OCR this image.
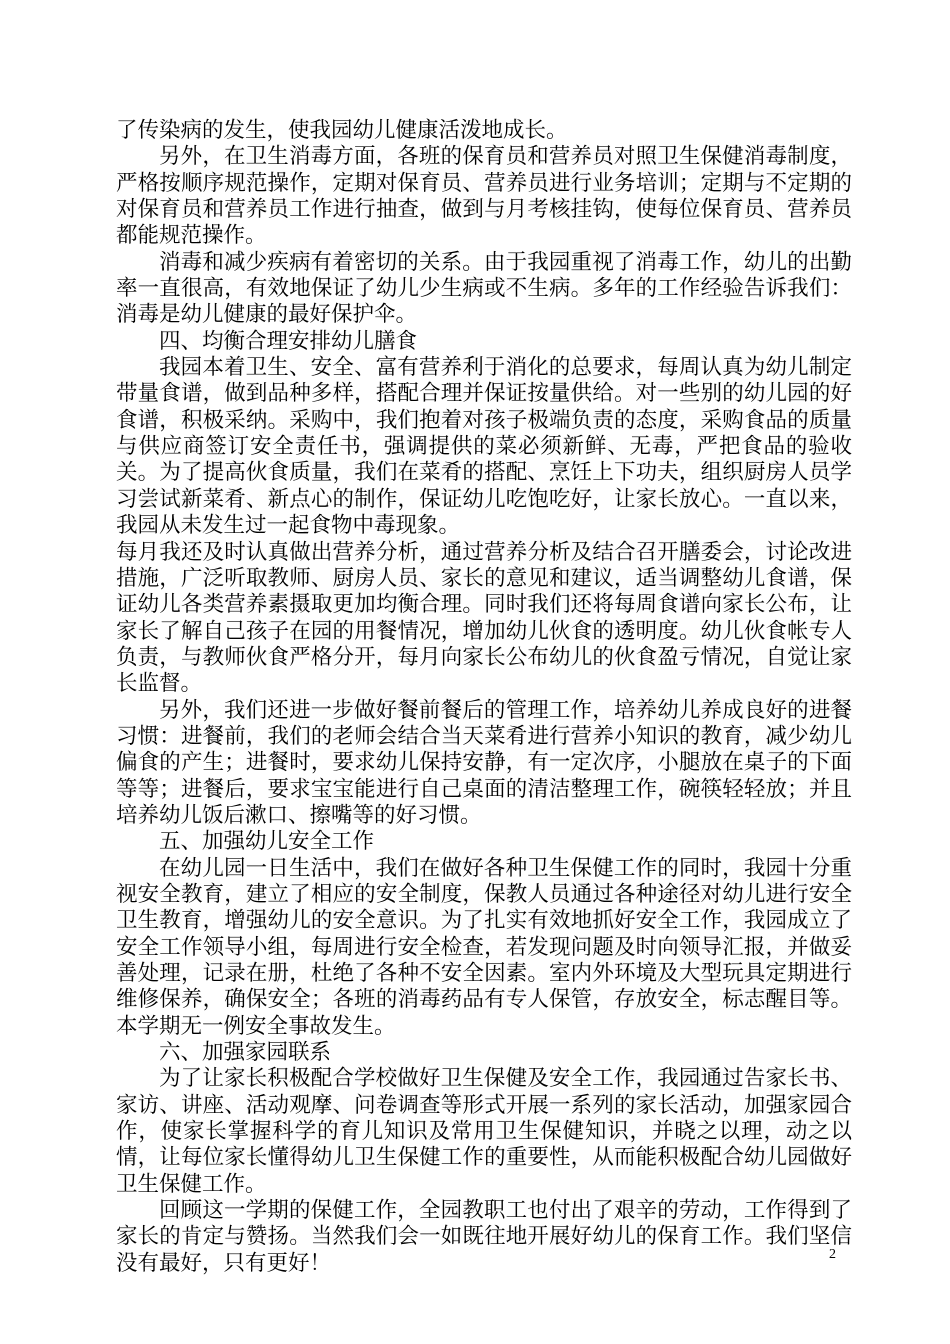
了传染病的发生，使我园幼儿健康活泼地成长。

另外，在卫生消毒方面，各班的保育员和营养员对照卫生保健消毒制度，严格按顺序规范操作，定期对保育员、营养员进行业务培训；定期与不定期的对保育员和营养员工作进行抽查，做到与月考核挂钩，使每位保育员、营养员都能规范操作。

消毒和减少疾病有着密切的关系。由于我园重视了消毒工作，幼儿的出勤率一直很高，有效地保证了幼儿少生病或不生病。多年的工作经验告诉我们：消毒是幼儿健康的最好保护伞。

四、均衡合理安排幼儿膳食

我园本着卫生、安全、富有营养利于消化的总要求，每周认真为幼儿制定带量食谱，做到品种多样，搭配合理并保证按量供给。对一些别的幼儿园的好食谱，积极采纳。采购中，我们抱着对孩子极端负责的态度，采购食品的质量与供应商签订安全责任书，强调提供的菜必须新鲜、无毒，严把食品的验收关。为了提高伙食质量，我们在菜肴的搭配、烹饪上下功夫，组织厨房人员学习尝试新菜肴、新点心的制作，保证幼儿吃饱吃好，让家长放心。一直以来，我园从未发生过一起食物中毒现象。

每月我还及时认真做出营养分析，通过营养分析及结合召开膳委会，讨论改进措施，广泛听取教师、厨房人员、家长的意见和建议，适当调整幼儿食谱，保证幼儿各类营养素摄取更加均衡合理。同时我们还将每周食谱向家长公布，让家长了解自己孩子在园的用餐情况，增加幼儿伙食的透明度。幼儿伙食帐专人负责，与教师伙食严格分开，每月向家长公布幼儿的伙食盈亏情况，自觉让家长监督。

另外，我们还进一步做好餐前餐后的管理工作，培养幼儿养成良好的进餐习惯：进餐前，我们的老师会结合当天菜肴进行营养小知识的教育，减少幼儿偏食的产生；进餐时，要求幼儿保持安静，有一定次序，小腿放在桌子的下面等等；进餐后，要求宝宝能进行自己桌面的清洁整理工作，碗筷轻轻放；并且培养幼儿饭后漱口、擦嘴等的好习惯。

五、加强幼儿安全工作

在幼儿园一日生活中，我们在做好各种卫生保健工作的同时，我园十分重视安全教育，建立了相应的安全制度，保教人员通过各种途径对幼儿进行安全卫生教育，增强幼儿的安全意识。为了扎实有效地抓好安全工作，我园成立了安全工作领导小组，每周进行安全检查，若发现问题及时向领导汇报，并做妥善处理，记录在册，杜绝了各种不安全因素。室内外环境及大型玩具定期进行维修保养，确保安全；各班的消毒药品有专人保管，存放安全，标志醒目等。本学期无一例安全事故发生。

六、加强家园联系

为了让家长积极配合学校做好卫生保健及安全工作，我园通过告家长书、家访、讲座、活动观摩、问卷调查等形式开展一系列的家长活动，加强家园合作，使家长掌握科学的育儿知识及常用卫生保健知识，并晓之以理，动之以情，让每位家长懂得幼儿卫生保健工作的重要性，从而能积极配合幼儿园做好卫生保健工作。

回顾这一学期的保健工作，全园教职工也付出了艰辛的劳动，工作得到了家长的肯定与赞扬。当然我们会一如既往地开展好幼儿的保育工作。我们坚信没有最好，只有更好！	2
